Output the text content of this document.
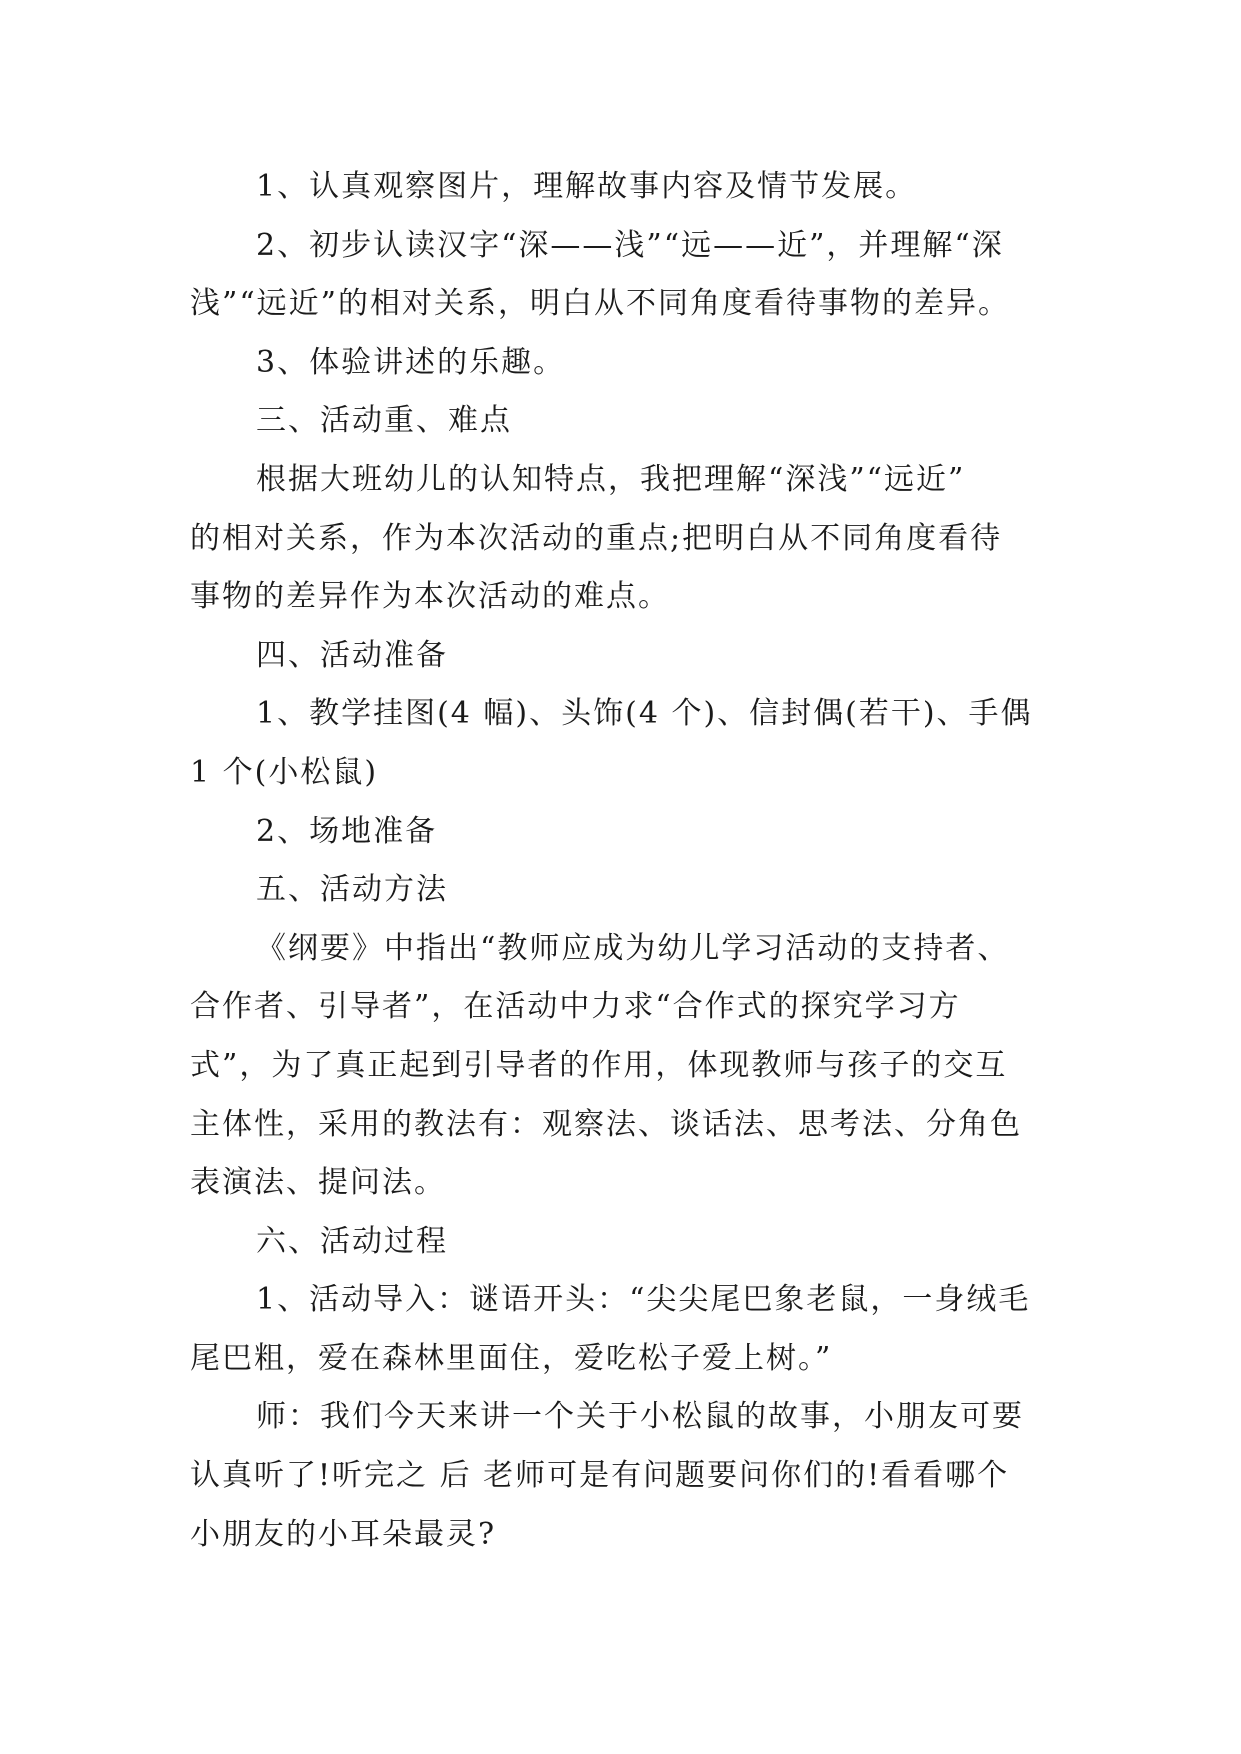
1、认真观察图片，理解故事内容及情节发展。
2、初步认读汉字“深——浅”“远——近”，并理解“深
浅”“远近”的相对关系，明白从不同角度看待事物的差异。
3、体验讲述的乐趣。
三、活动重、难点
根据大班幼儿的认知特点，我把理解“深浅”“远近”
的相对关系，作为本次活动的重点;把明白从不同角度看待
事物的差异作为本次活动的难点。
四、活动准备
1、教学挂图(4 幅)、头饰(4 个)、信封偶(若干)、手偶
1 个(小松鼠)
2、场地准备
五、活动方法
《纲要》中指出“教师应成为幼儿学习活动的支持者、
合作者、引导者”，在活动中力求“合作式的探究学习方
式”，为了真正起到引导者的作用，体现教师与孩子的交互
主体性，采用的教法有：观察法、谈话法、思考法、分角色
表演法、提问法。
六、活动过程
1、活动导入：谜语开头：“尖尖尾巴象老鼠，一身绒毛
尾巴粗，爱在森林里面住，爱吃松子爱上树。”
师：我们今天来讲一个关于小松鼠的故事，小朋友可要
认真听了!听完之 后 老师可是有问题要问你们的!看看哪个
小朋友的小耳朵最灵?
